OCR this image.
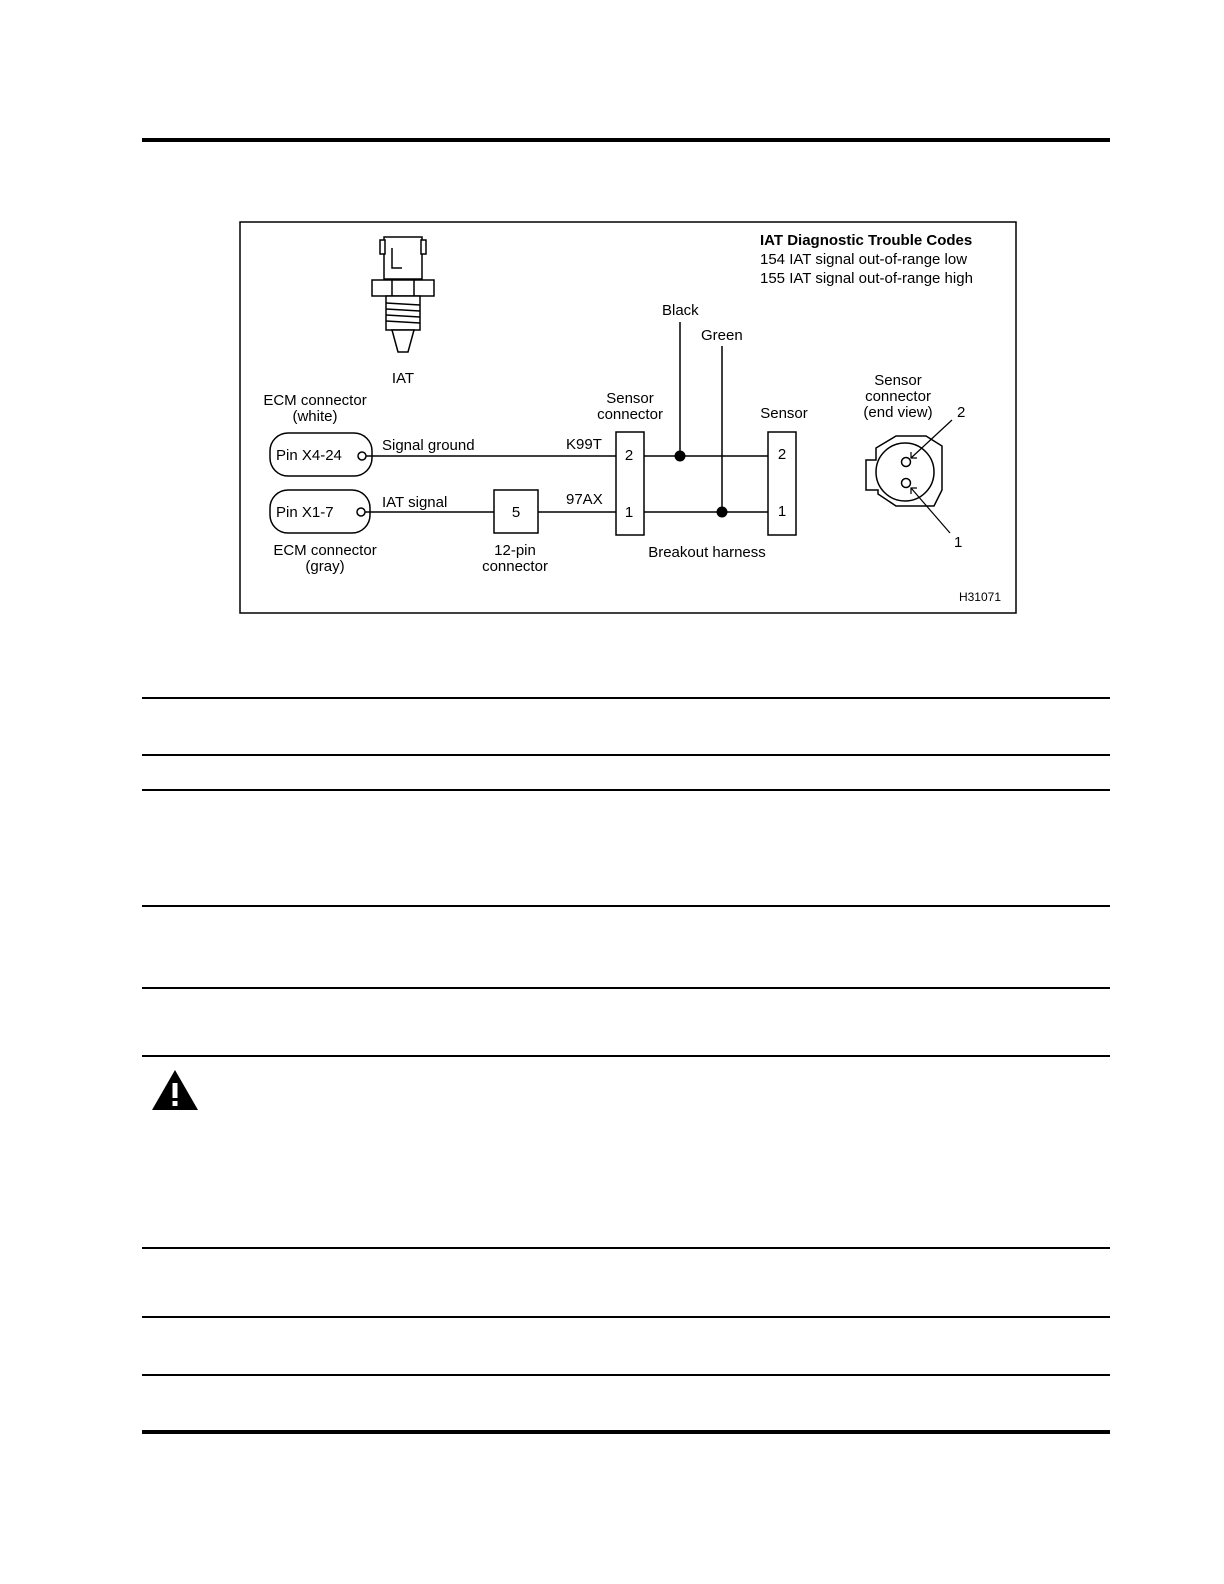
IAT Diagnostic Trouble Codes
154 IAT signal out-of-range low
155 IAT signal out-of-range high
IAT
ECM connector
(white)
Pin X4-24
Pin X1-7
ECM connector
(gray)
Signal ground
IAT signal
K99T
97AX
Black
Green
5
12-pin
connector
Sensor
connector
2
1
Sensor
2
1
Breakout harness
Sensor
connector
(end view) 2
1
H31071
